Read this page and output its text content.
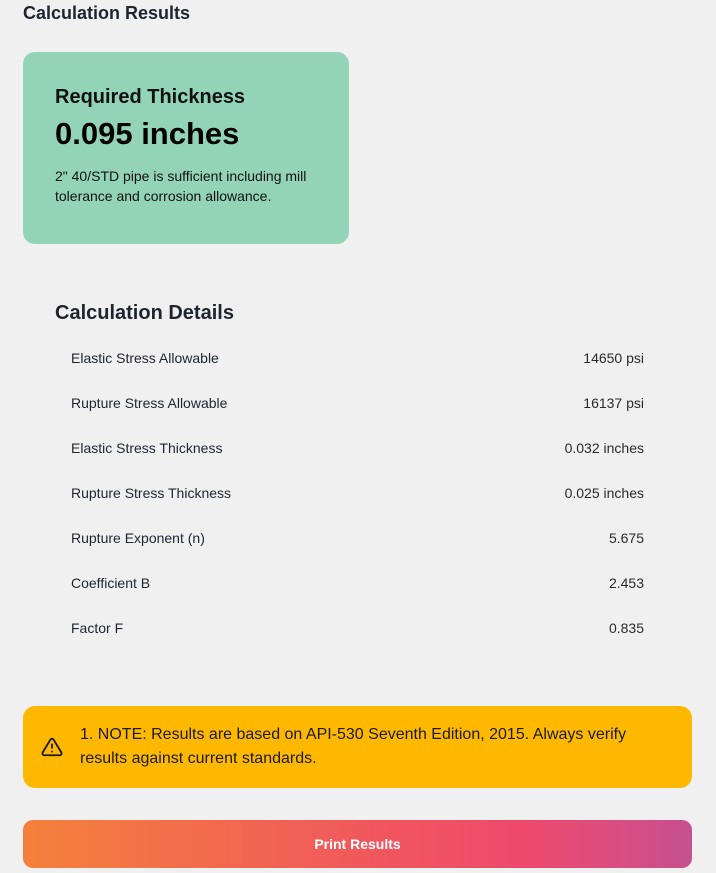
Calculation Results
Required Thickness
0.095 inches
2" 40/STD pipe is sufficient including mill tolerance and corrosion allowance.
Calculation Details
Elastic Stress Allowable	14650 psi
Rupture Stress Allowable	16137 psi
Elastic Stress Thickness	0.032 inches
Rupture Stress Thickness	0.025 inches
Rupture Exponent (n)	5.675
Coefficient B	2.453
Factor F	0.835
1. NOTE: Results are based on API-530 Seventh Edition, 2015. Always verify results against current standards.
Print Results
